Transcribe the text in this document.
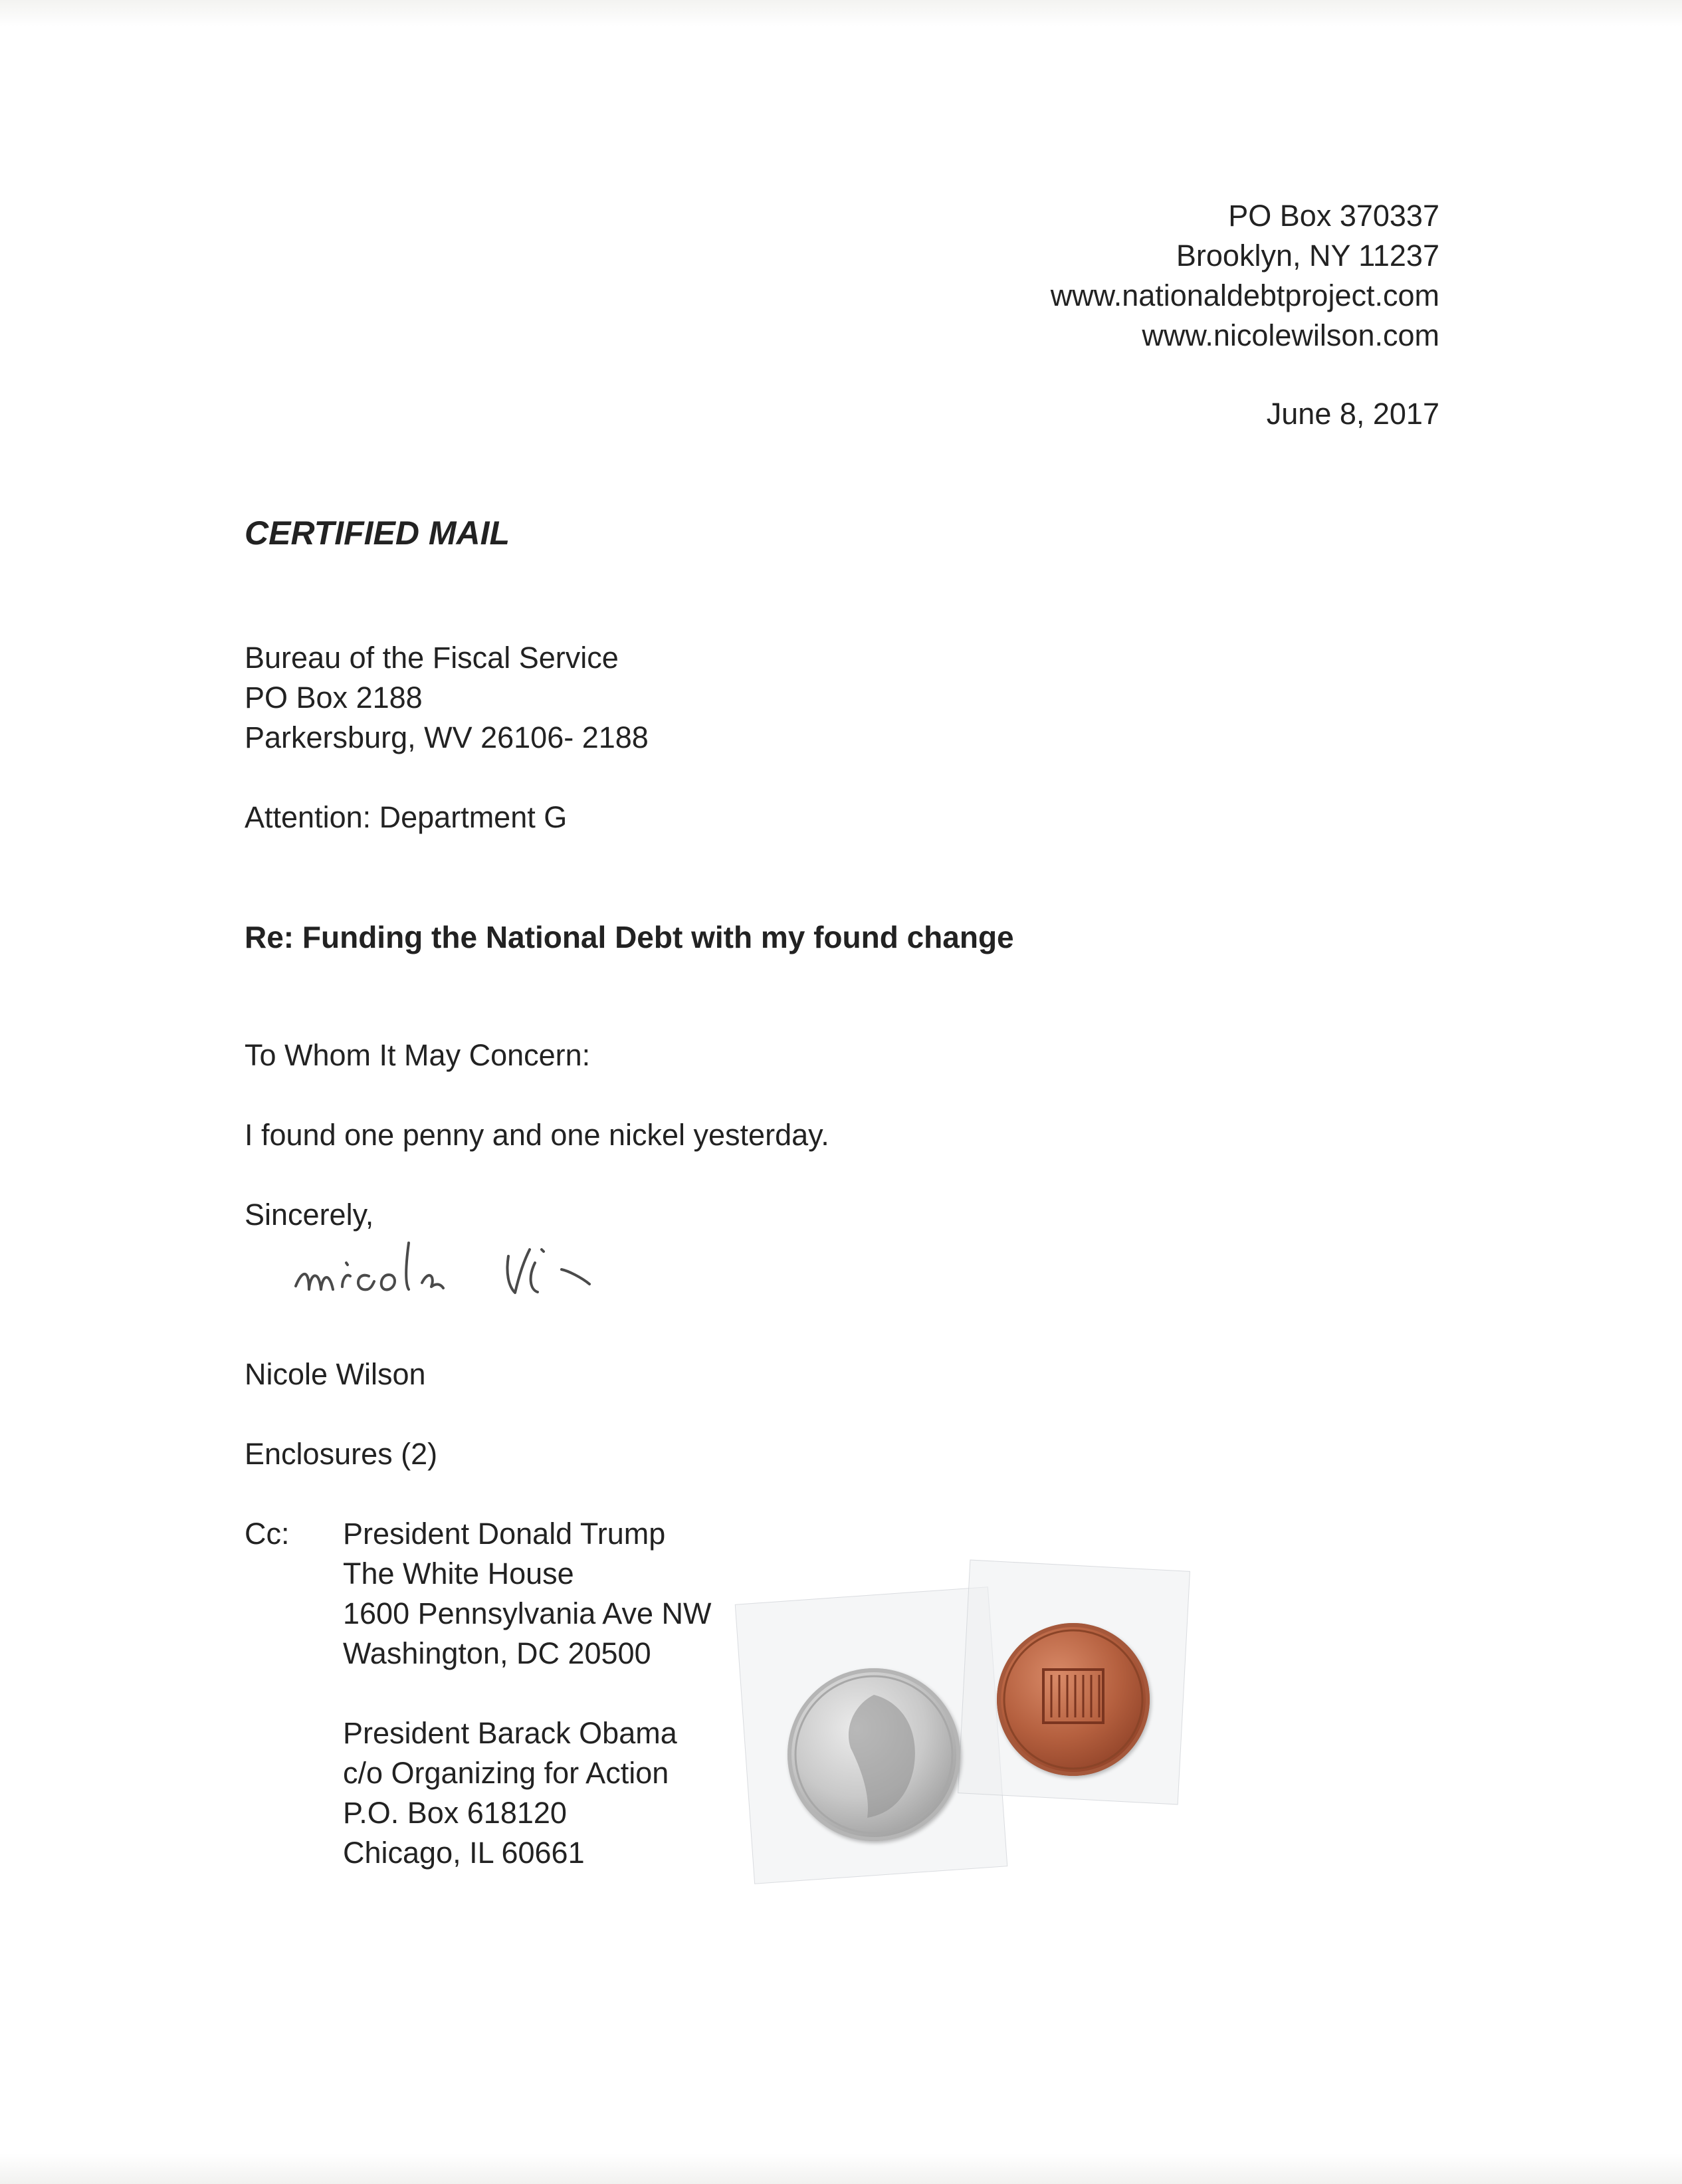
PO Box 370337
Brooklyn, NY 11237
www.nationaldebtproject.com
www.nicolewilson.com
June 8, 2017
CERTIFIED MAIL
Bureau of the Fiscal Service
PO Box 2188
Parkersburg, WV 26106- 2188
Attention: Department G
Re: Funding the National Debt with my found change
To Whom It May Concern:
I found one penny and one nickel yesterday.
Sincerely,
Nicole Wilson
Enclosures (2)
Cc: President Donald Trump
The White House
1600 Pennsylvania Ave NW
Washington, DC 20500
President Barack Obama
c/o Organizing for Action
P.O. Box 618120
Chicago, IL 60661
